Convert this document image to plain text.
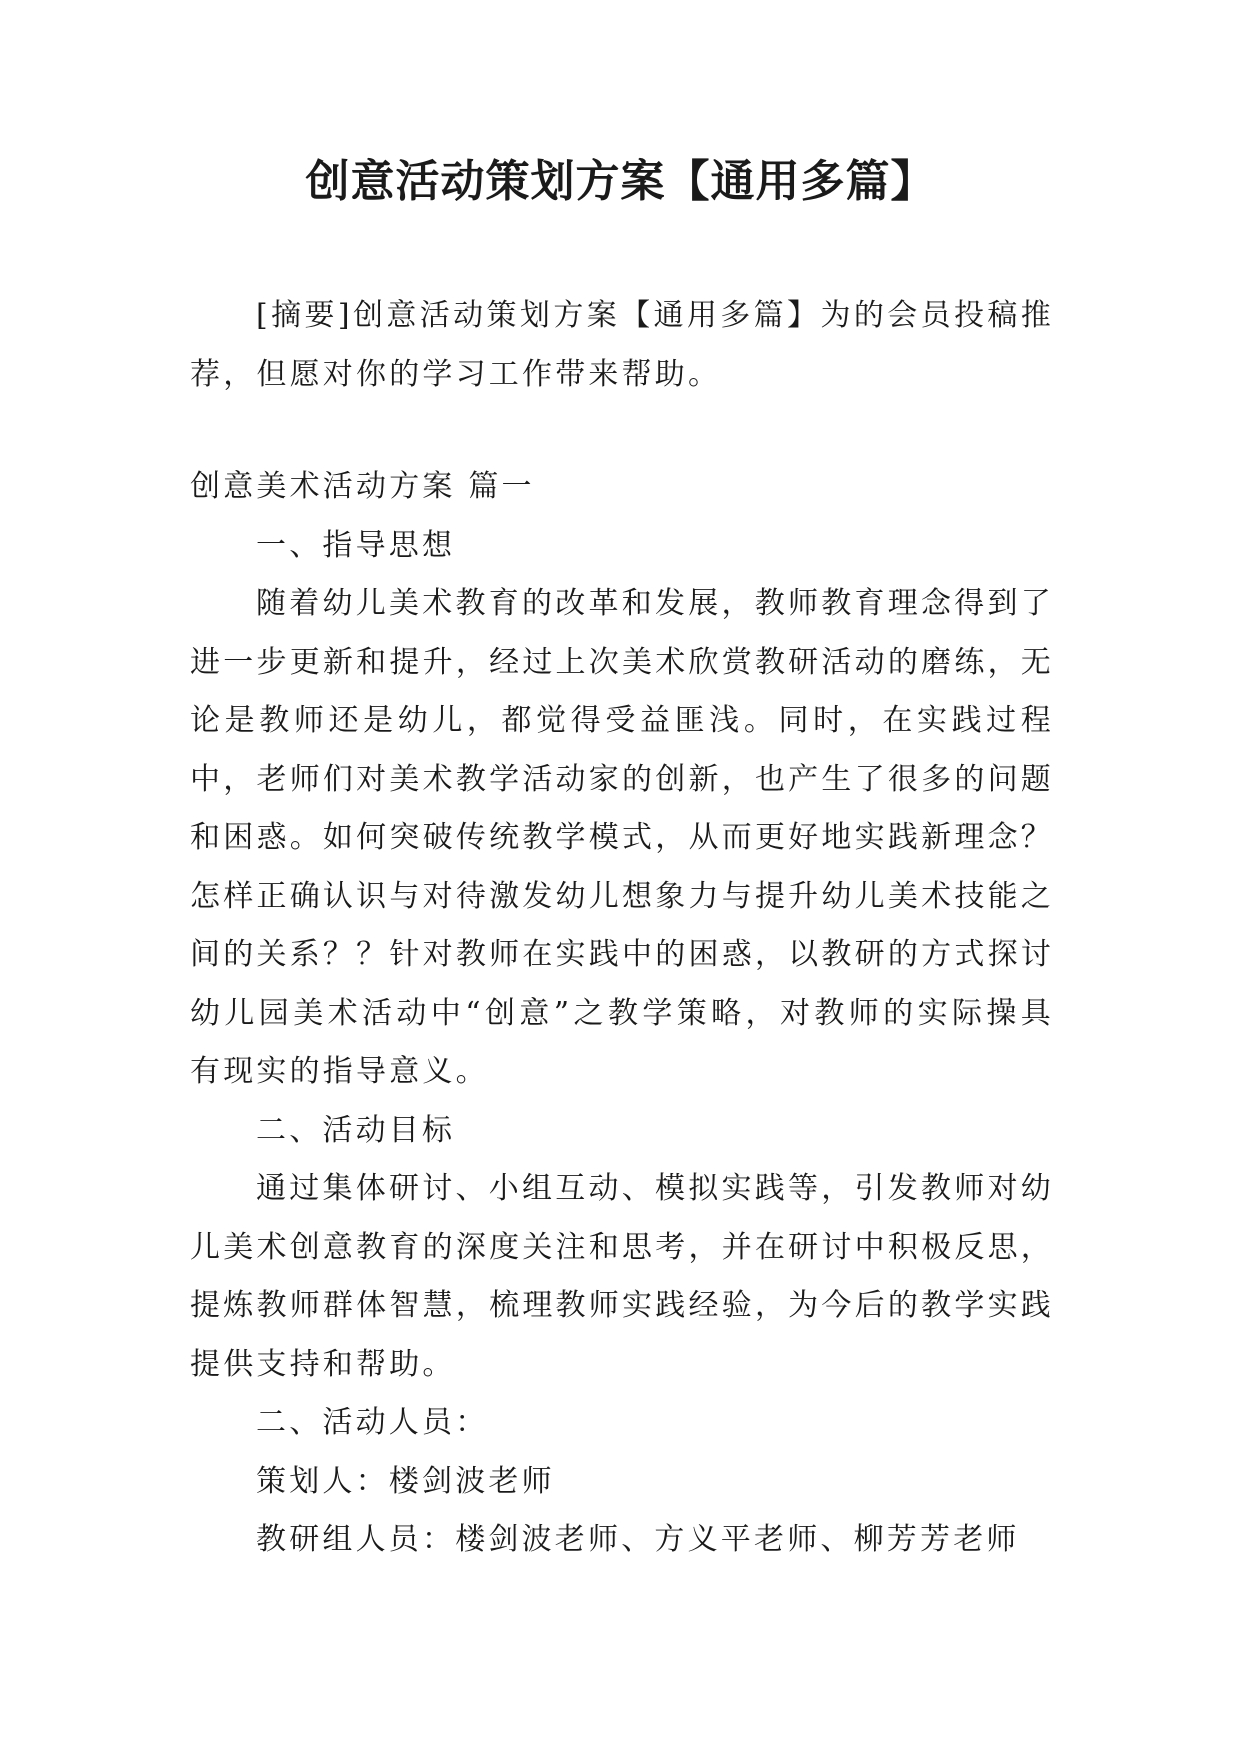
创意活动策划方案【通用多篇】

[摘要]创意活动策划方案【通用多篇】为的会员投稿推荐，但愿对你的学习工作带来帮助。

创意美术活动方案 篇一

一、指导思想

随着幼儿美术教育的改革和发展，教师教育理念得到了进一步更新和提升，经过上次美术欣赏教研活动的磨练，无论是教师还是幼儿，都觉得受益匪浅。同时，在实践过程中，老师们对美术教学活动家的创新，也产生了很多的问题和困惑。如何突破传统教学模式，从而更好地实践新理念？怎样正确认识与对待激发幼儿想象力与提升幼儿美术技能之间的关系？？针对教师在实践中的困惑，以教研的方式探讨幼儿园美术活动中“创意”之教学策略，对教师的实际操具有现实的指导意义。

二、活动目标

通过集体研讨、小组互动、模拟实践等，引发教师对幼儿美术创意教育的深度关注和思考，并在研讨中积极反思，提炼教师群体智慧，梳理教师实践经验，为今后的教学实践提供支持和帮助。

二、活动人员：

策划人：楼剑波老师

教研组人员：楼剑波老师、方义平老师、柳芳芳老师
